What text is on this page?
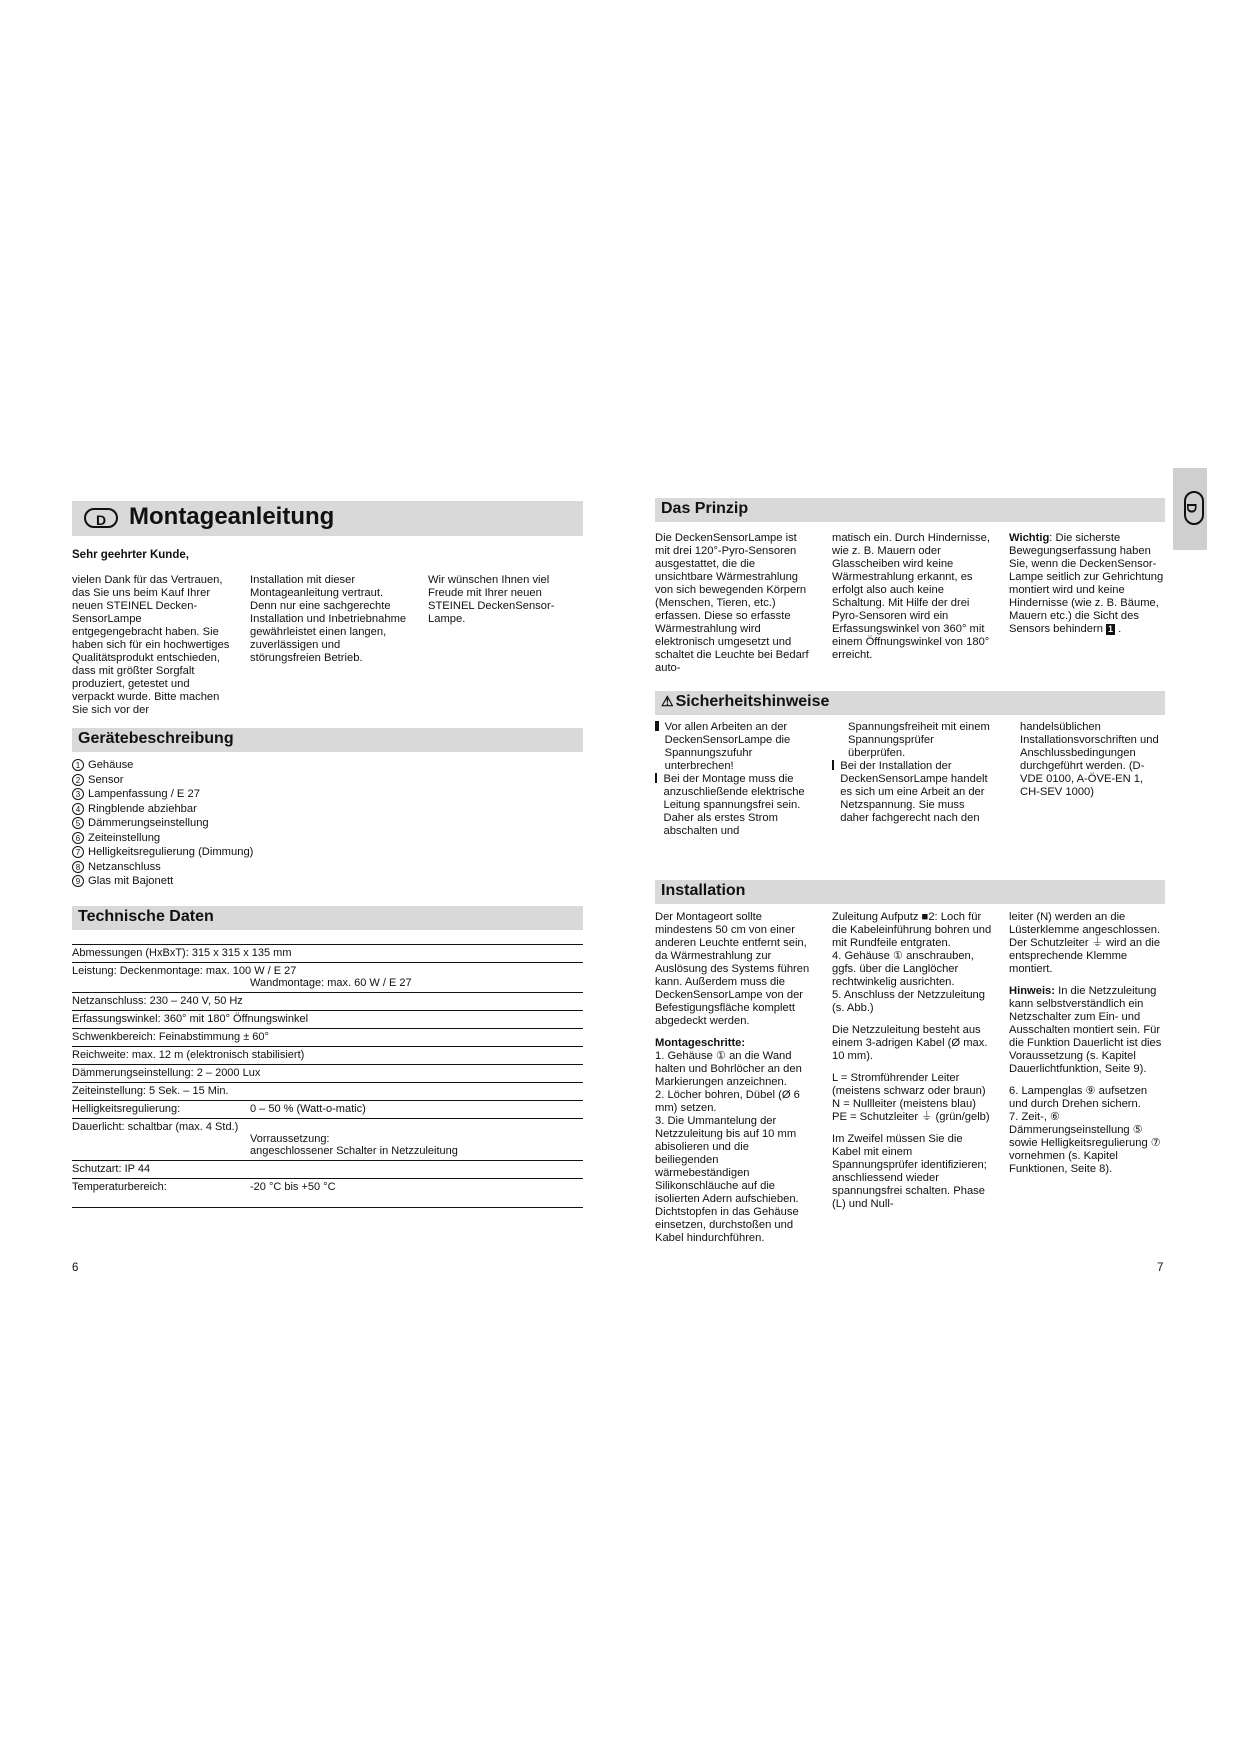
D
D Montageanleitung
Sehr geehrter Kunde,
vielen Dank für das Vertrauen, das Sie uns beim Kauf Ihrer neuen STEINEL Decken-SensorLampe entgegengebracht haben. Sie haben sich für ein hochwertiges Qualitätsprodukt entschieden, dass mit größter Sorgfalt produziert, getestet und verpackt wurde. Bitte machen Sie sich vor der
Installation mit dieser Montageanleitung vertraut. Denn nur eine sachgerechte Installation und Inbetriebnahme gewährleistet einen langen, zuverlässigen und störungsfreien Betrieb.
Wir wünschen Ihnen viel Freude mit Ihrer neuen STEINEL DeckenSensor-Lampe.
Gerätebeschreibung
1 Gehäuse
2 Sensor
3 Lampenfassung / E 27
4 Ringblende abziehbar
5 Dämmerungseinstellung
6 Zeiteinstellung
7 Helligkeitsregulierung (Dimmung)
8 Netzanschluss
9 Glas mit Bajonett
Technische Daten
Abmessungen (HxBxT): 315 x 315 x 135 mm
Leistung: Deckenmontage: max. 100 W / E 27
Wandmontage: max. 60 W / E 27
Netzanschluss: 230 – 240 V, 50 Hz
Erfassungswinkel: 360° mit 180° Öffnungswinkel
Schwenkbereich: Feinabstimmung ± 60°
Reichweite: max. 12 m (elektronisch stabilisiert)
Dämmerungseinstellung: 2 – 2000 Lux
Zeiteinstellung: 5 Sek. – 15 Min.
Helligkeitsregulierung:	0 – 50 % (Watt-o-matic)
Dauerlicht: schaltbar (max. 4 Std.)
Vorraussetzung:
angeschlossener Schalter in Netzzuleitung
Schutzart: IP 44
Temperaturbereich:	-20 °C bis +50 °C
6
Das Prinzip
Die DeckenSensorLampe ist mit drei 120°-Pyro-Sensoren ausgestattet, die die unsichtbare Wärmestrahlung von sich bewegenden Körpern (Menschen, Tieren, etc.) erfassen. Diese so erfasste Wärmestrahlung wird elektronisch umgesetzt und schaltet die Leuchte bei Bedarf auto-
matisch ein. Durch Hindernisse, wie z. B. Mauern oder Glasscheiben wird keine Wärmestrahlung erkannt, es erfolgt also auch keine Schaltung. Mit Hilfe der drei Pyro-Sensoren wird ein Erfassungswinkel von 360° mit einem Öffnungswinkel von 180° erreicht.
Wichtig: Die sicherste Bewegungserfassung haben Sie, wenn die DeckenSensor-Lampe seitlich zur Gehrichtung montiert wird und keine Hindernisse (wie z. B. Bäume, Mauern etc.) die Sicht des Sensors behindern 1 .
⚠ Sicherheitshinweise
Vor allen Arbeiten an der DeckenSensorLampe die Spannungszufuhr unterbrechen!
Bei der Montage muss die anzuschließende elektrische Leitung spannungsfrei sein. Daher als erstes Strom abschalten und
Spannungsfreiheit mit einem Spannungsprüfer überprüfen.
Bei der Installation der DeckenSensorLampe handelt es sich um eine Arbeit an der Netzspannung. Sie muss daher fachgerecht nach den
handelsüblichen Installationsvorschriften und Anschlussbedingungen durchgeführt werden. (D-VDE 0100, A-ÖVE-EN 1, CH-SEV 1000)
Installation

Der Montageort sollte mindestens 50 cm von einer anderen Leuchte entfernt sein, da Wärmestrahlung zur Auslösung des Systems führen kann. Außerdem muss die DeckenSensorLampe von der Befestigungsfläche komplett abgedeckt werden.

Montageschritte:
1. Gehäuse ① an die Wand halten und Bohrlöcher an den Markierungen anzeichnen.
2. Löcher bohren, Dübel (Ø 6 mm) setzen.
3. Die Ummantelung der Netzzuleitung bis auf 10 mm abisolieren und die beiliegenden wärmebeständigen Silikonschläuche auf die isolierten Adern aufschieben. Dichtstopfen in das Gehäuse einsetzen, durchstoßen und Kabel hindurchführen.
Zuleitung Aufputz ■2: Loch für die Kabeleinführung bohren und mit Rundfeile entgraten.
4. Gehäuse ① anschrauben, ggfs. über die Langlöcher rechtwinkelig ausrichten.

5. Anschluss der Netzzuleitung (s. Abb.)

Die Netzzuleitung besteht aus einem 3-adrigen Kabel (Ø max. 10 mm).

L = Stromführender Leiter (meistens schwarz oder braun)
N = Nullleiter (meistens blau)

PE = Schutzleiter ⏚ (grün/gelb)

Im Zweifel müssen Sie die Kabel mit einem Spannungsprüfer identifizieren; anschliessend wieder spannungsfrei schalten. Phase (L) und Null-

leiter (N) werden an die Lüsterklemme angeschlossen. Der Schutzleiter ⏚ wird an die entsprechende Klemme montiert.

Hinweis: In die Netzzuleitung kann selbstverständlich ein Netzschalter zum Ein- und Ausschalten montiert sein. Für die Funktion Dauerlicht ist dies Voraussetzung (s. Kapitel Dauerlichtfunktion, Seite 9).

6. Lampenglas ⑨ aufsetzen und durch Drehen sichern.
7. Zeit-, ⑥ Dämmerungseinstellung ⑤ sowie Helligkeitsregulierung ⑦ vornehmen (s. Kapitel Funktionen, Seite 8).
7
